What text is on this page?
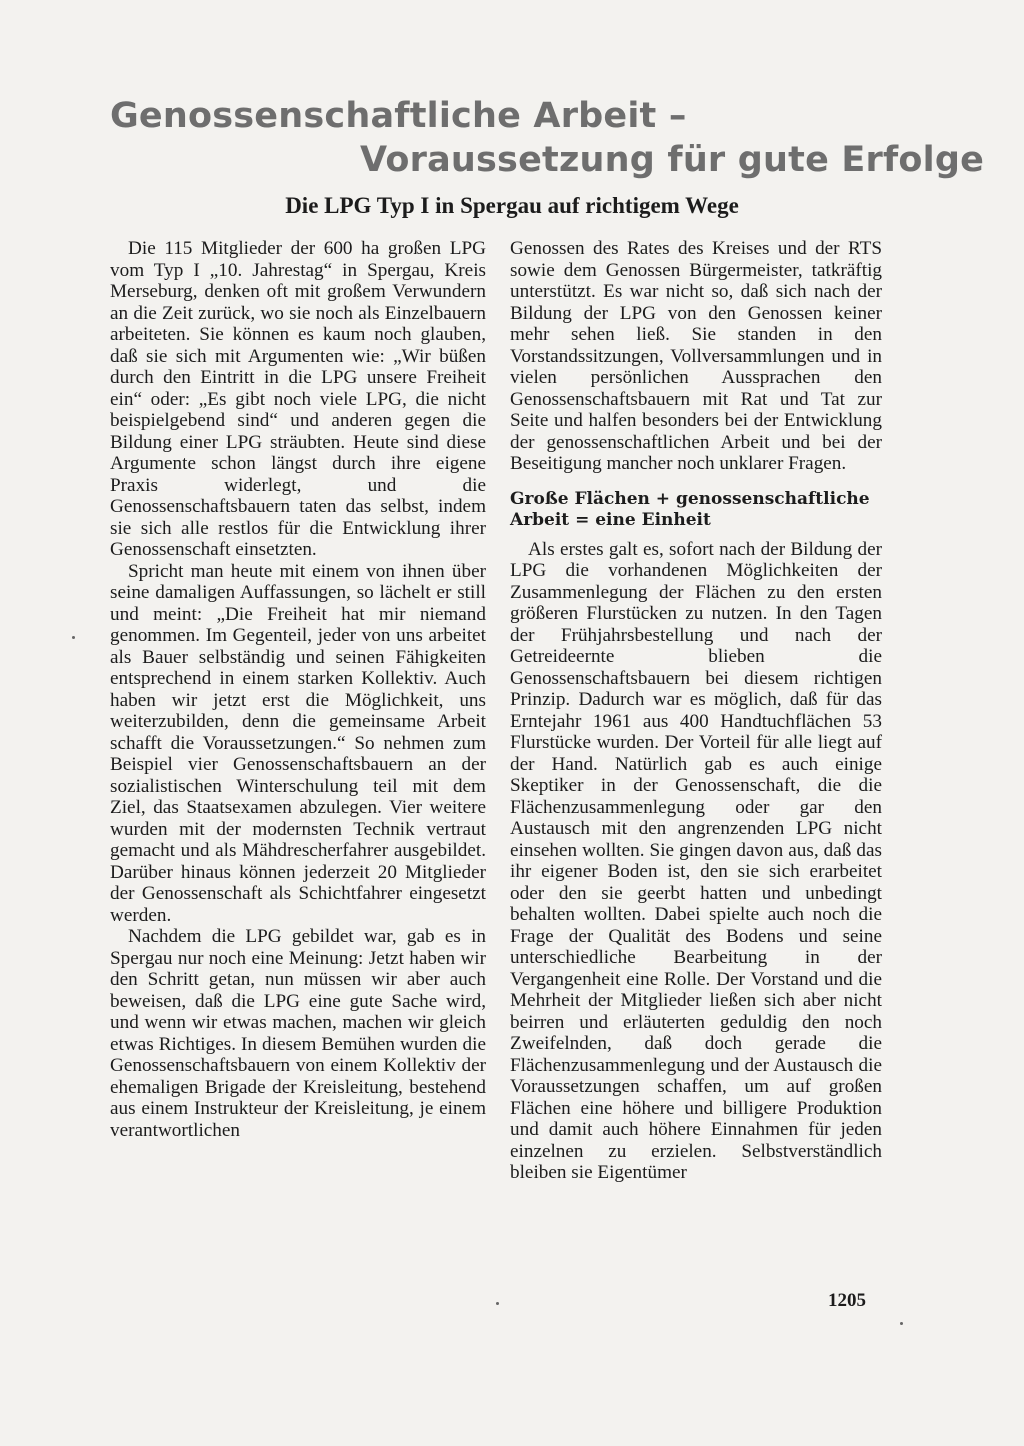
Genossenschaftliche Arbeit –
Voraussetzung für gute Erfolge
Die LPG Typ I in Spergau auf richtigem Wege

Die 115 Mitglieder der 600 ha großen LPG vom Typ I „10. Jahrestag“ in Spergau, Kreis Merseburg, denken oft mit großem Verwundern an die Zeit zurück, wo sie noch als Einzelbauern arbeiteten. Sie können es kaum noch glauben, daß sie sich mit Argumenten wie: „Wir büßen durch den Eintritt in die LPG unsere Freiheit ein“ oder: „Es gibt noch viele LPG, die nicht beispielgebend sind“ und anderen gegen die Bildung einer LPG sträubten. Heute sind diese Argumente schon längst durch ihre eigene Praxis widerlegt, und die Genossenschaftsbauern taten das selbst, indem sie sich alle restlos für die Entwicklung ihrer Genossenschaft einsetzten.

Spricht man heute mit einem von ihnen über seine damaligen Auffassungen, so lächelt er still und meint: „Die Freiheit hat mir niemand genommen. Im Gegenteil, jeder von uns arbeitet als Bauer selbständig und seinen Fähigkeiten entsprechend in einem starken Kollektiv. Auch haben wir jetzt erst die Möglichkeit, uns weiterzubilden, denn die gemeinsame Arbeit schafft die Voraussetzungen.“ So nehmen zum Beispiel vier Genossenschaftsbauern an der sozialistischen Winterschulung teil mit dem Ziel, das Staatsexamen abzulegen. Vier weitere wurden mit der modernsten Technik vertraut gemacht und als Mähdrescherfahrer ausgebildet. Darüber hinaus können jederzeit 20 Mitglieder der Genossenschaft als Schichtfahrer eingesetzt werden.

Nachdem die LPG gebildet war, gab es in Spergau nur noch eine Meinung: Jetzt haben wir den Schritt getan, nun müssen wir aber auch beweisen, daß die LPG eine gute Sache wird, und wenn wir etwas machen, machen wir gleich etwas Richtiges. In diesem Bemühen wurden die Genossenschaftsbauern von einem Kollektiv der ehemaligen Brigade der Kreisleitung, bestehend aus einem Instrukteur der Kreisleitung, je einem verantwortlichen

Genossen des Rates des Kreises und der RTS sowie dem Genossen Bürgermeister, tatkräftig unterstützt. Es war nicht so, daß sich nach der Bildung der LPG von den Genossen keiner mehr sehen ließ. Sie standen in den Vorstandssitzungen, Vollversammlungen und in vielen persönlichen Aussprachen den Genossenschaftsbauern mit Rat und Tat zur Seite und halfen besonders bei der Entwicklung der genossenschaftlichen Arbeit und bei der Beseitigung mancher noch unklarer Fragen.

Große Flächen + genossenschaftliche
Arbeit = eine Einheit

Als erstes galt es, sofort nach der Bildung der LPG die vorhandenen Möglichkeiten der Zusammenlegung der Flächen zu den ersten größeren Flurstücken zu nutzen. In den Tagen der Frühjahrsbestellung und nach der Getreideernte blieben die Genossenschaftsbauern bei diesem richtigen Prinzip. Dadurch war es möglich, daß für das Erntejahr 1961 aus 400 Handtuchflächen 53 Flurstücke wurden. Der Vorteil für alle liegt auf der Hand. Natürlich gab es auch einige Skeptiker in der Genossenschaft, die die Flächenzusammenlegung oder gar den Austausch mit den angrenzenden LPG nicht einsehen wollten. Sie gingen davon aus, daß das ihr eigener Boden ist, den sie sich erarbeitet oder den sie geerbt hatten und unbedingt behalten wollten. Dabei spielte auch noch die Frage der Qualität des Bodens und seine unterschiedliche Bearbeitung in der Vergangenheit eine Rolle. Der Vorstand und die Mehrheit der Mitglieder ließen sich aber nicht beirren und erläuterten geduldig den noch Zweifelnden, daß doch gerade die Flächenzusammenlegung und der Austausch die Voraussetzungen schaffen, um auf großen Flächen eine höhere und billigere Produktion und damit auch höhere Einnahmen für jeden einzelnen zu erzielen. Selbstverständlich bleiben sie Eigentümer

1205
